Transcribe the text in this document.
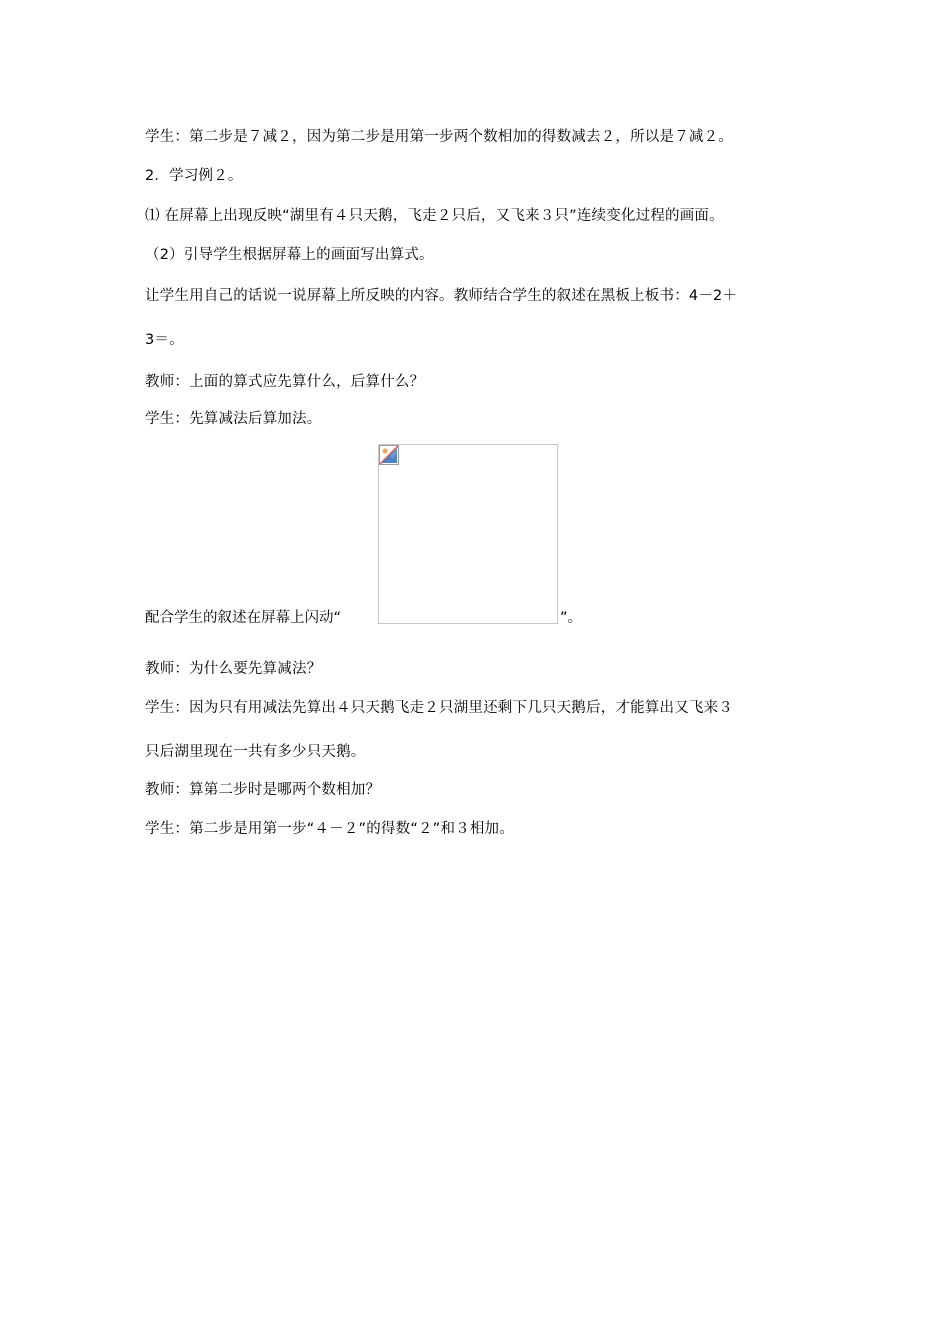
学生：第二步是７减２，因为第二步是用第一步两个数相加的得数减去２，所以是７减２。
2．学习例２。
⑴ 在屏幕上出现反映“湖里有４只天鹅，飞走２只后，又飞来３只”连续变化过程的画面。
（2）引导学生根据屏幕上的画面写出算式。
让学生用自己的话说一说屏幕上所反映的内容。教师结合学生的叙述在黑板上板书：4－2＋
3＝。
教师：上面的算式应先算什么，后算什么？
学生：先算减法后算加法。
配合学生的叙述在屏幕上闪动“	”。
教师：为什么要先算减法？
学生：因为只有用减法先算出４只天鹅飞走２只湖里还剩下几只天鹅后，才能算出又飞来３
只后湖里现在一共有多少只天鹅。
教师：算第二步时是哪两个数相加？
学生：第二步是用第一步“４－２”的得数“２”和３相加。
